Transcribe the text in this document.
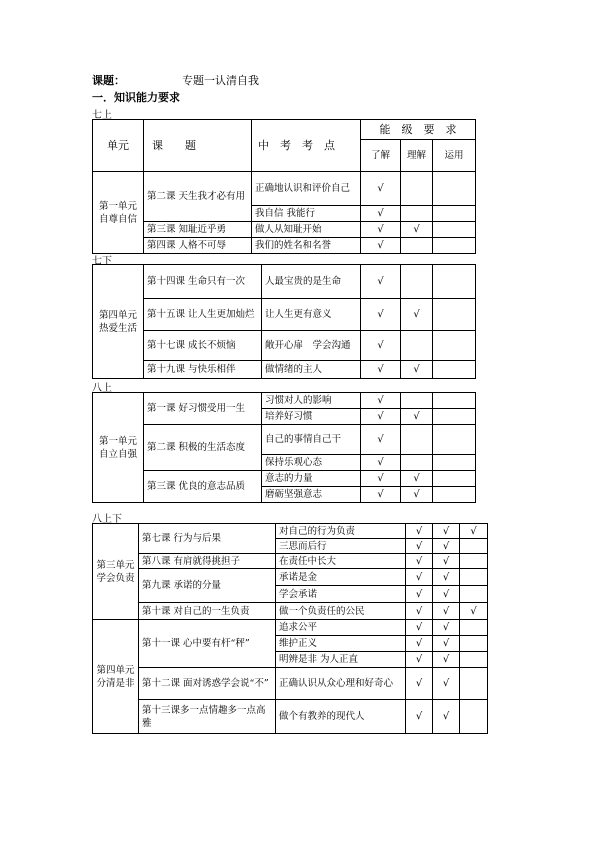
课题：	专题一认清自我
一．知识能力要求
七上
单元	课　　题	中　考　考　点	能　级　要　求		
			了解	理解	运用
第一单元 自尊自信	第二课 天生我才必有用	正确地认识和评价自己	√		
		我自信 我能行	√		
	第三课 知耻近乎勇	做人从知耻开始	√	√	
	第四课 人格不可辱	我们的姓名和名誉	√		
七下
第四单元 热爱生活	第十四课 生命只有一次	人最宝贵的是生命	√		
	第十五课 让人生更加灿烂	让人生更有意义	√	√	
	第十七课 成长不烦恼	敞开心扉　学会沟通	√		
	第十九课 与快乐相伴	做情绪的主人	√	√	
八上
第一单元自立自强	第一课 好习惯受用一生	习惯对人的影响	√		
		培养好习惯	√	√	
	第二课 积极的生活态度	自己的事情自己干	√		
		保持乐观心态	√		
	第三课 优良的意志品质	意志的力量	√	√	
		磨砺坚强意志	√	√	
八上下
第三单元学会负责	第七课 行为与后果	对自己的行为负责	√	√	√
		三思而后行	√	√	
	第八课 有肩就得挑担子	在责任中长大	√	√	
	第九课 承诺的分量	承诺是金	√	√	
		学会承诺	√	√	
	第十课 对自己的一生负责	做一个负责任的公民	√	√	√
第四单元分清是非	第十一课 心中要有杆“秤”	追求公平	√	√	
		维护正义	√	√	
		明辨是非 为人正直	√	√	
	第十二课 面对诱惑学会说“不”	正确认识从众心理和好奇心	√	√	
	第十三课多一点情趣多一点高雅	做个有教养的现代人	√	√	
